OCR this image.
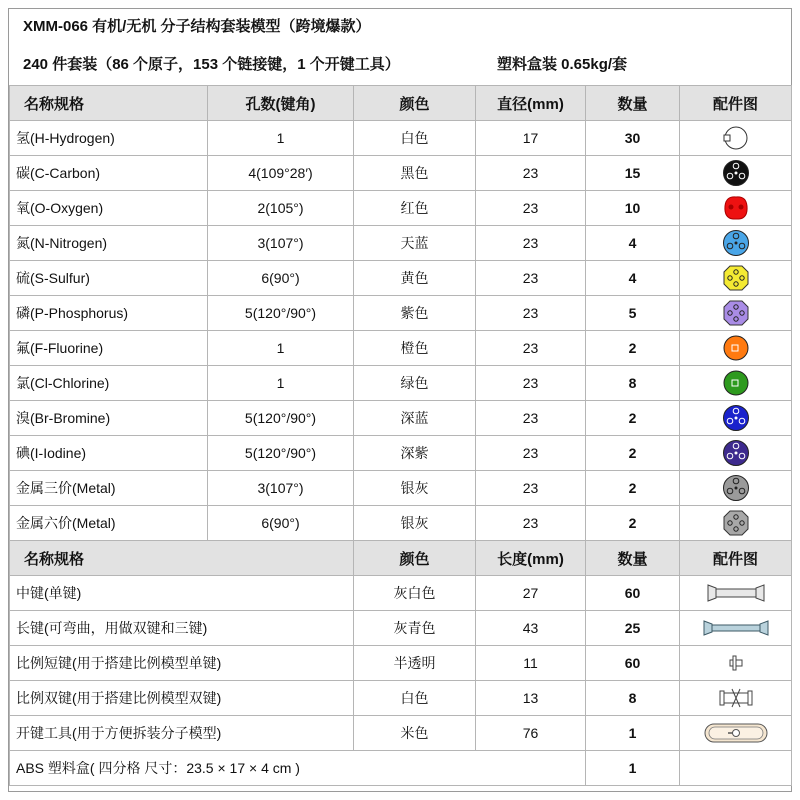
XMM-066 有机/无机 分子结构套装模型（跨境爆款）
240 件套装（86 个原子，153 个链接键，1 个开键工具）	塑料盒装 0.65kg/套
名称规格	孔数(键角)	颜色	直径(mm)	数量	配件图
氢(H-Hydrogen)	1	白色	17	30	

碳(C-Carbon)	4(109°28′)	黑色	23	15	

氧(O-Oxygen)	2(105°)	红色	23	10	

氮(N-Nitrogen)	3(107°)	天蓝	23	4	

硫(S-Sulfur)	6(90°)	黄色	23	4	

磷(P-Phosphorus)	5(120°/90°)	紫色	23	5	

氟(F-Fluorine)	1	橙色	23	2	

氯(Cl-Chlorine)	1	绿色	23	8	

溴(Br-Bromine)	5(120°/90°)	深蓝	23	2	

碘(I-Iodine)	5(120°/90°)	深紫	23	2	

金属三价(Metal)	3(107°)	银灰	23	2	

金属六价(Metal)	6(90°)	银灰	23	2	

名称规格		颜色	长度(mm)	数量	配件图
中键(单键)		灰白色	27	60	

长键(可弯曲，用做双键和三键)		灰青色	43	25	

比例短键(用于搭建比例模型单键)		半透明	11	60	

比例双键(用于搭建比例模型双键)		白色	13	8	

开键工具(用于方便拆装分子模型)		米色	76	1	

ABS 塑料盒( 四分格 尺寸：23.5 × 17 × 4 cm )				1	
